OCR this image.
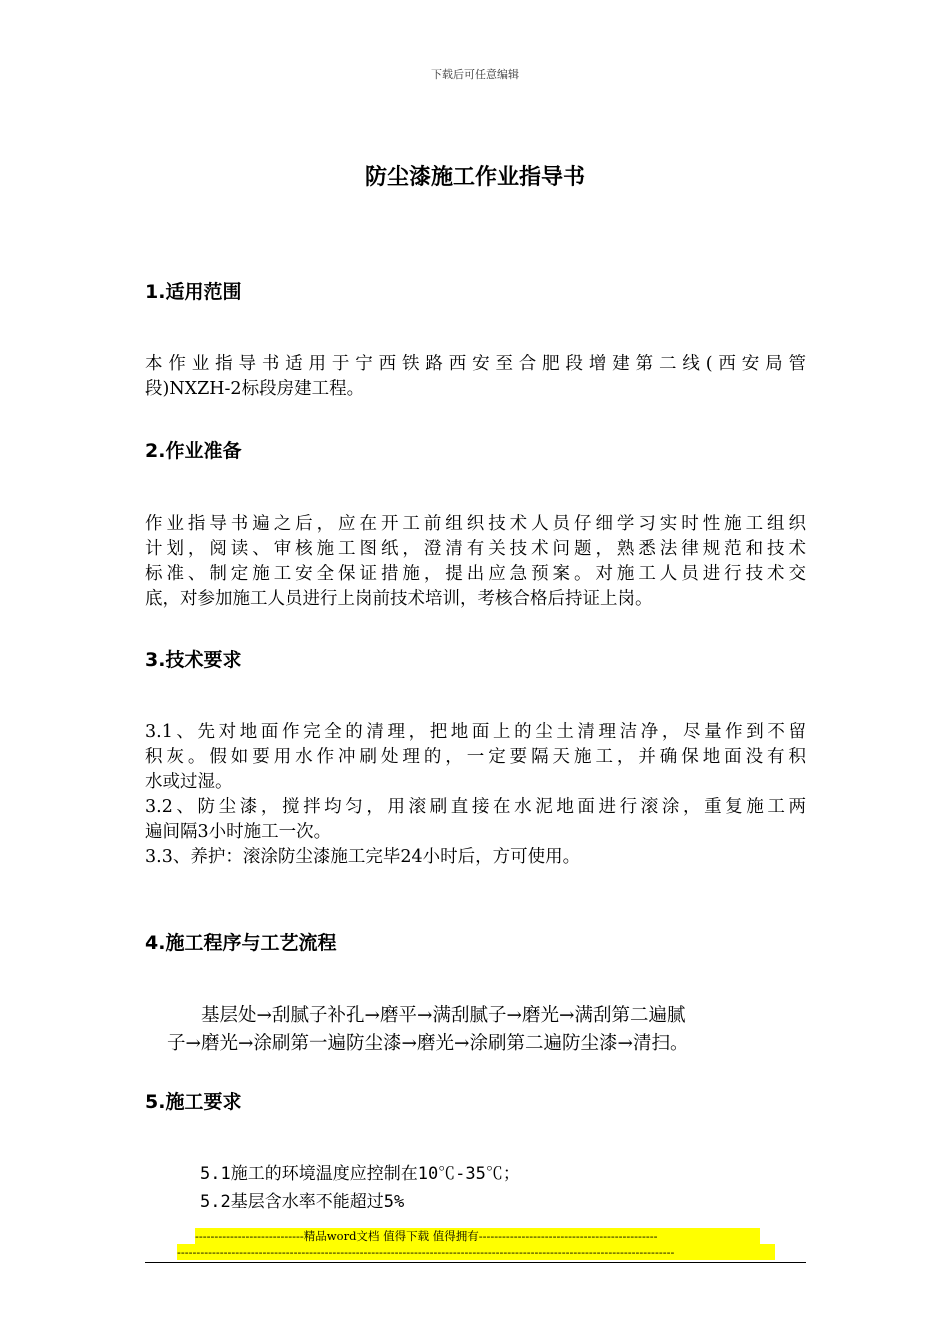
下载后可任意编辑
防尘漆施工作业指导书
1.适用范围
本作业指导书适用于宁西铁路西安至合肥段增建第二线(西安局管
段)NXZH-2标段房建工程。
2.作业准备
作业指导书遍之后，应在开工前组织技术人员仔细学习实时性施工组织
计划，阅读、审核施工图纸，澄清有关技术问题，熟悉法律规范和技术
标准、制定施工安全保证措施，提出应急预案。对施工人员进行技术交
底，对参加施工人员进行上岗前技术培训，考核合格后持证上岗。
3.技术要求
3.1、先对地面作完全的清理，把地面上的尘土清理洁净，尽量作到不留
积灰。假如要用水作冲刷处理的，一定要隔天施工，并确保地面没有积
水或过湿。
3.2、防尘漆，搅拌均匀，用滚刷直接在水泥地面进行滚涂，重复施工两
遍间隔3小时施工一次。
3.3、养护：滚涂防尘漆施工完毕24小时后，方可使用。
4.施工程序与工艺流程
基层处→刮腻子补孔→磨平→满刮腻子→磨光→满刮第二遍腻
子→磨光→涂刷第一遍防尘漆→磨光→涂刷第二遍防尘漆→清扫。
5.施工要求
5.1施工的环境温度应控制在10℃-35℃；
5.2基层含水率不能超过5%
----------------------------精品word文档 值得下载 值得拥有----------------------------------------------
--------------------------------------------------------------------------------------------------------------------------------
